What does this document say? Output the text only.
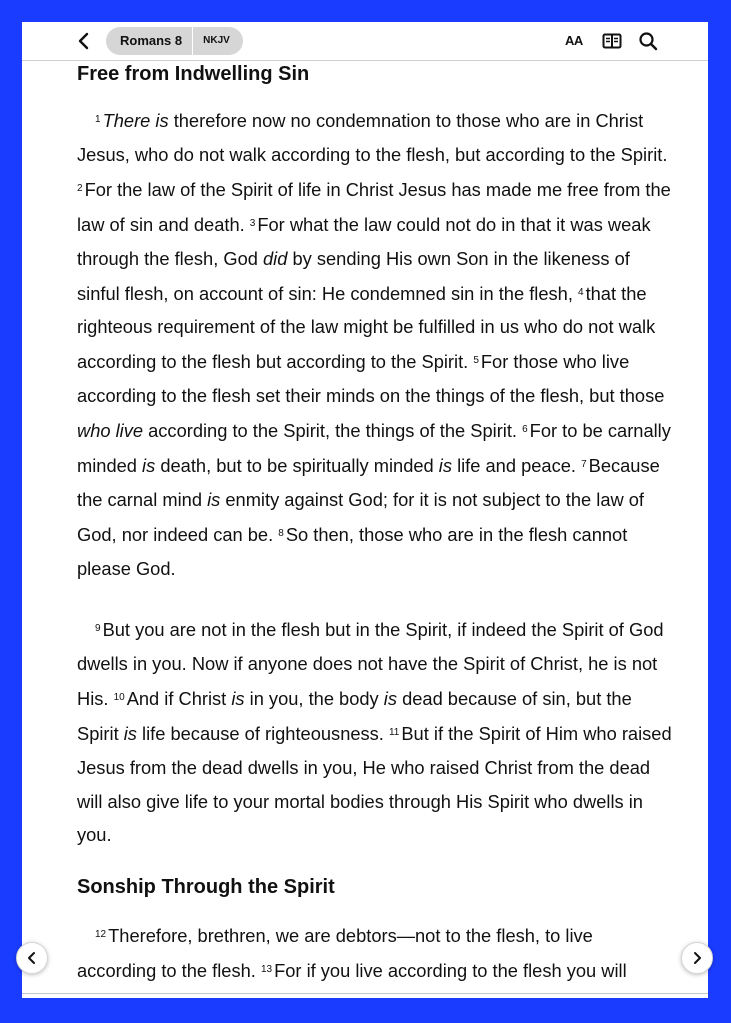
Romans 8	NKJV	AA
Free from Indwelling Sin

$^1$ There is therefore now no condemnation to those who are in Christ Jesus, who do not walk according to the flesh, but according to the Spirit. $^2$ For the law of the Spirit of life in Christ Jesus has made me free from the law of sin and death. $^3$ For what the law could not do in that it was weak through the flesh, God did by sending His own Son in the likeness of sinful flesh, on account of sin: He condemned sin in the flesh, $^4$ that the righteous requirement of the law might be fulfilled in us who do not walk according to the flesh but according to the Spirit. $^5$ For those who live according to the flesh set their minds on the things of the flesh, but those who live according to the Spirit, the things of the Spirit. $^6$ For to be carnally minded is death, but to be spiritually minded is life and peace. $^7$ Because the carnal mind is enmity against God; for it is not subject to the law of God, nor indeed can be. $^8$ So then, those who are in the flesh cannot please God.

$^9$ But you are not in the flesh but in the Spirit, if indeed the Spirit of God dwells in you. Now if anyone does not have the Spirit of Christ, he is not His. $^{10}$ And if Christ is in you, the body is dead because of sin, but the Spirit is life because of righteousness. $^{11}$ But if the Spirit of Him who raised Jesus from the dead dwells in you, He who raised Christ from the dead will also give life to your mortal bodies through His Spirit who dwells in you.

Sonship Through the Spirit

$^{12}$ Therefore, brethren, we are debtors—not to the flesh, to live according to the flesh. $^{13}$ For if you live according to the flesh you will
